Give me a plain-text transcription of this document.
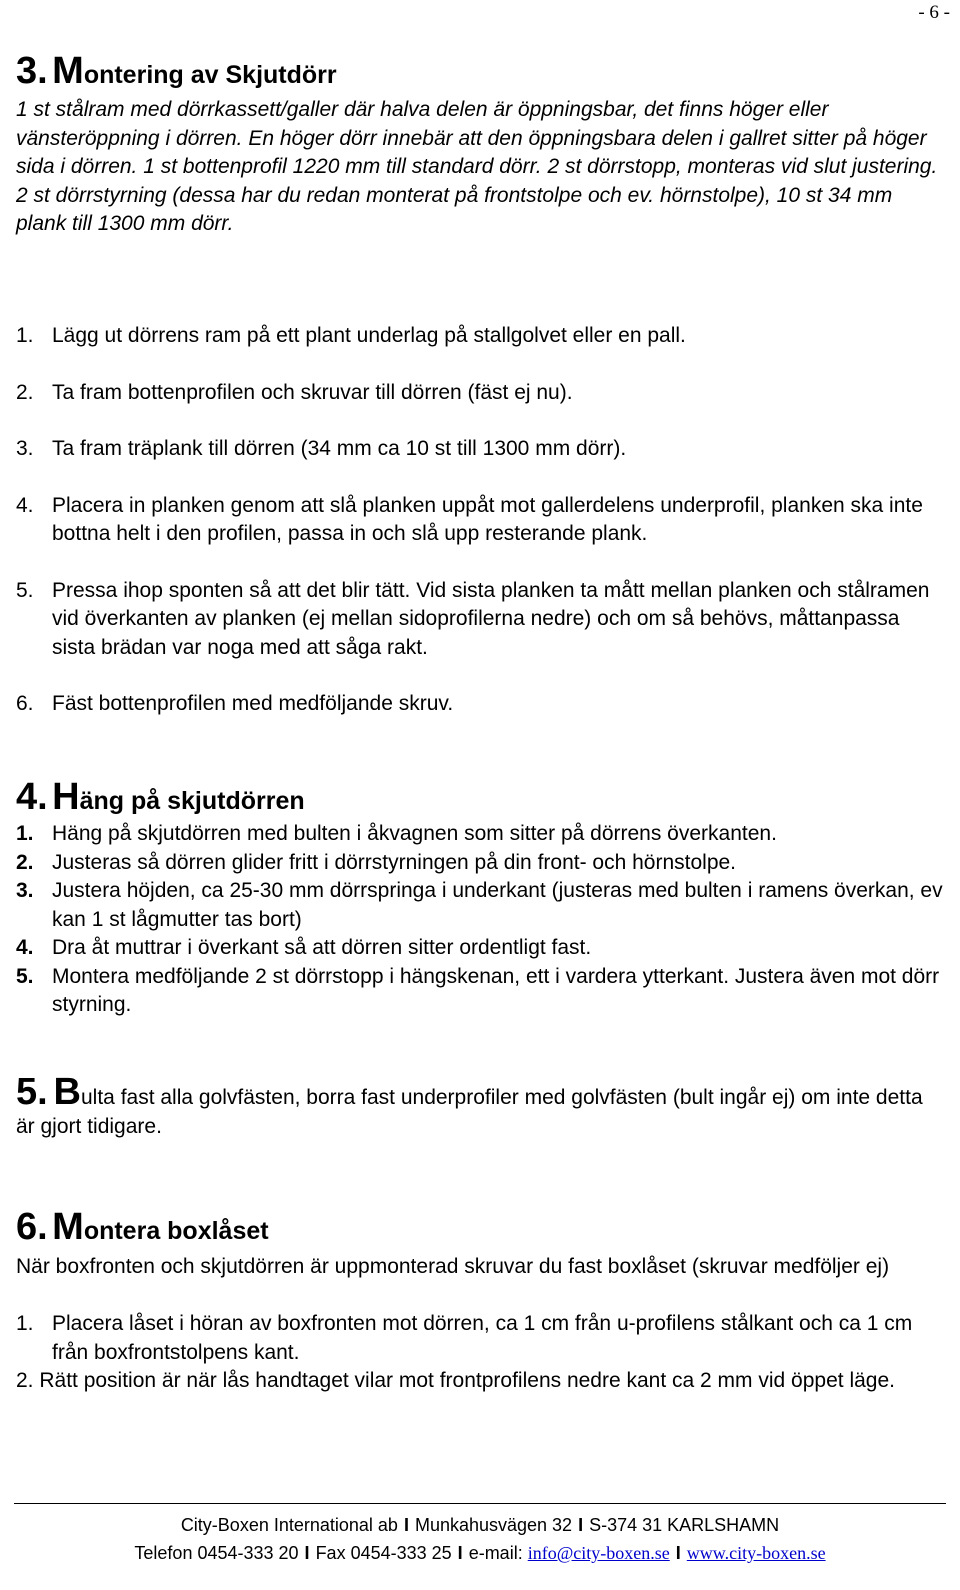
- 6 -
3. Montering av Skjutdörr
1 st stålram med dörrkassett/galler där halva delen är öppningsbar, det finns höger eller vänsteröppning i dörren. En höger dörr innebär att den öppningsbara delen i gallret sitter på höger sida i dörren. 1 st bottenprofil 1220 mm till standard dörr. 2 st dörrstopp, monteras vid slut justering. 2 st dörrstyrning (dessa har du redan monterat på frontstolpe och ev. hörnstolpe), 10 st 34 mm plank till 1300 mm dörr.
1. Lägg ut dörrens ram på ett plant underlag på stallgolvet eller en pall.
2. Ta fram bottenprofilen och skruvar till dörren (fäst ej nu).
3. Ta fram träplank till dörren (34 mm ca 10 st till 1300 mm dörr).
4. Placera in planken genom att slå planken uppåt mot gallerdelens underprofil, planken ska inte bottna helt i den profilen, passa in och slå upp resterande plank.
5. Pressa ihop sponten så att det blir tätt. Vid sista planken ta mått mellan planken och stålramen vid överkanten av planken (ej mellan sidoprofilerna nedre) och om så behövs, måttanpassa sista brädan var noga med att såga rakt.
6. Fäst bottenprofilen med medföljande skruv.
4. Häng på skjutdörren
1. Häng på skjutdörren med bulten i åkvagnen som sitter på dörrens överkanten.
2. Justeras så dörren glider fritt i dörrstyrningen på din front- och hörnstolpe.
3. Justera höjden, ca 25-30 mm dörrspringa i underkant (justeras med bulten i ramens överkan, ev kan 1 st lågmutter tas bort)
4. Dra åt muttrar i överkant så att dörren sitter ordentligt fast.
5. Montera medföljande 2 st dörrstopp i hängskenan, ett i vardera ytterkant. Justera även mot dörr styrning.
5. Bulta fast alla golvfästen, borra fast underprofiler med golvfästen (bult ingår ej) om inte detta är gjort tidigare.
6. Montera boxlåset
När boxfronten och skjutdörren är uppmonterad skruvar du fast boxlåset (skruvar medföljer ej)
1. Placera låset i höran av boxfronten mot dörren, ca 1 cm från u-profilens stålkant och ca 1 cm från boxfrontstolpens kant.
2. Rätt position är när lås handtaget vilar mot frontprofilens nedre kant ca 2 mm vid öppet läge.
City-Boxen International ab I Munkahusvägen 32 I S-374 31 KARLSHAMN
Telefon 0454-333 20 I Fax 0454-333 25 I e-mail: info@city-boxen.se I www.city-boxen.se
